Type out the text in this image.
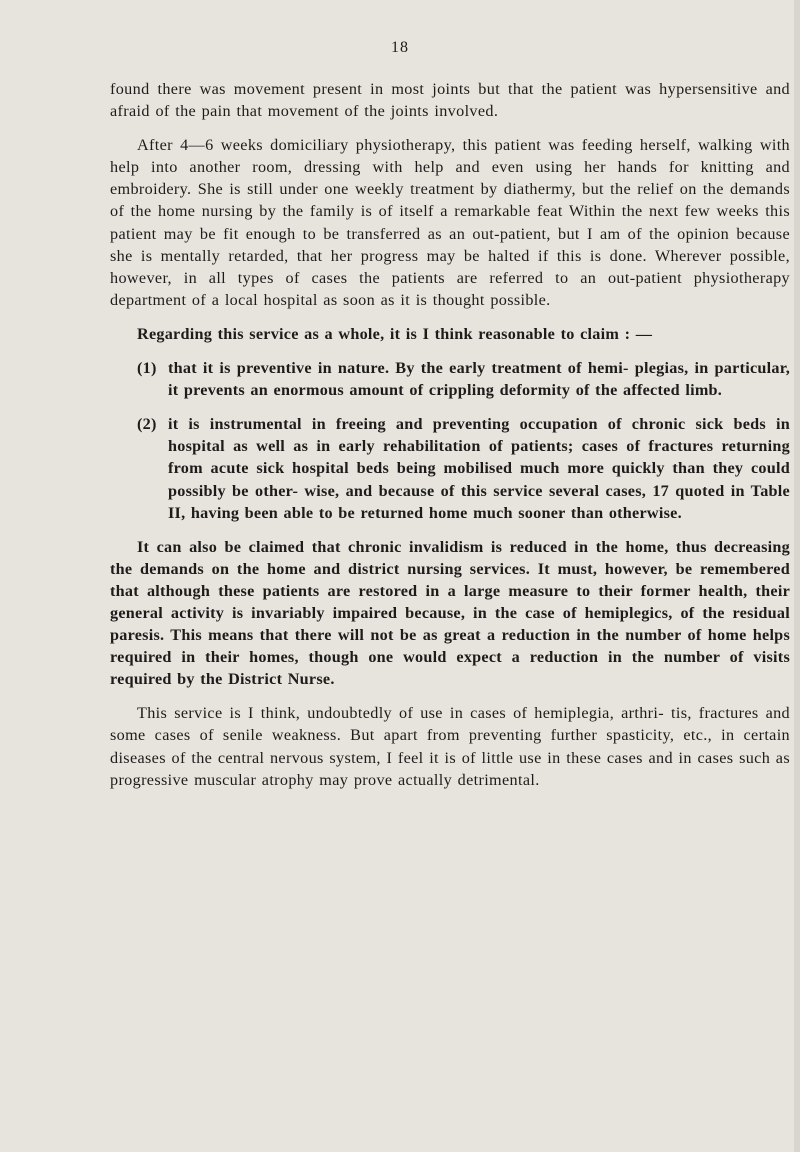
18

found there was movement present in most joints but that the patient was hypersensitive and afraid of the pain that movement of the joints involved.

After 4—6 weeks domiciliary physiotherapy, this patient was feeding herself, walking with help into another room, dressing with help and even using her hands for knitting and embroidery. She is still under one weekly treatment by diathermy, but the relief on the demands of the home nursing by the family is of itself a remarkable feat Within the next few weeks this patient may be fit enough to be transferred as an out-patient, but I am of the opinion because she is mentally retarded, that her progress may be halted if this is done. Wherever possible, however, in all types of cases the patients are referred to an out-patient physiotherapy department of a local hospital as soon as it is thought possible.

Regarding this service as a whole, it is I think reasonable to claim : —

(1) that it is preventive in nature. By the early treatment of hemi- plegias, in particular, it prevents an enormous amount of crippling deformity of the affected limb.

(2) it is instrumental in freeing and preventing occupation of chronic sick beds in hospital as well as in early rehabilitation of patients; cases of fractures returning from acute sick hospital beds being mobilised much more quickly than they could possibly be other- wise, and because of this service several cases, 17 quoted in Table II, having been able to be returned home much sooner than otherwise.

It can also be claimed that chronic invalidism is reduced in the home, thus decreasing the demands on the home and district nursing services. It must, however, be remembered that although these patients are restored in a large measure to their former health, their general activity is invariably impaired because, in the case of hemiplegics, of the residual paresis. This means that there will not be as great a reduction in the number of home helps required in their homes, though one would expect a reduction in the number of visits required by the District Nurse.

This service is I think, undoubtedly of use in cases of hemiplegia, arthri- tis, fractures and some cases of senile weakness. But apart from preventing further spasticity, etc., in certain diseases of the central nervous system, I feel it is of little use in these cases and in cases such as progressive muscular atrophy may prove actually detrimental.
